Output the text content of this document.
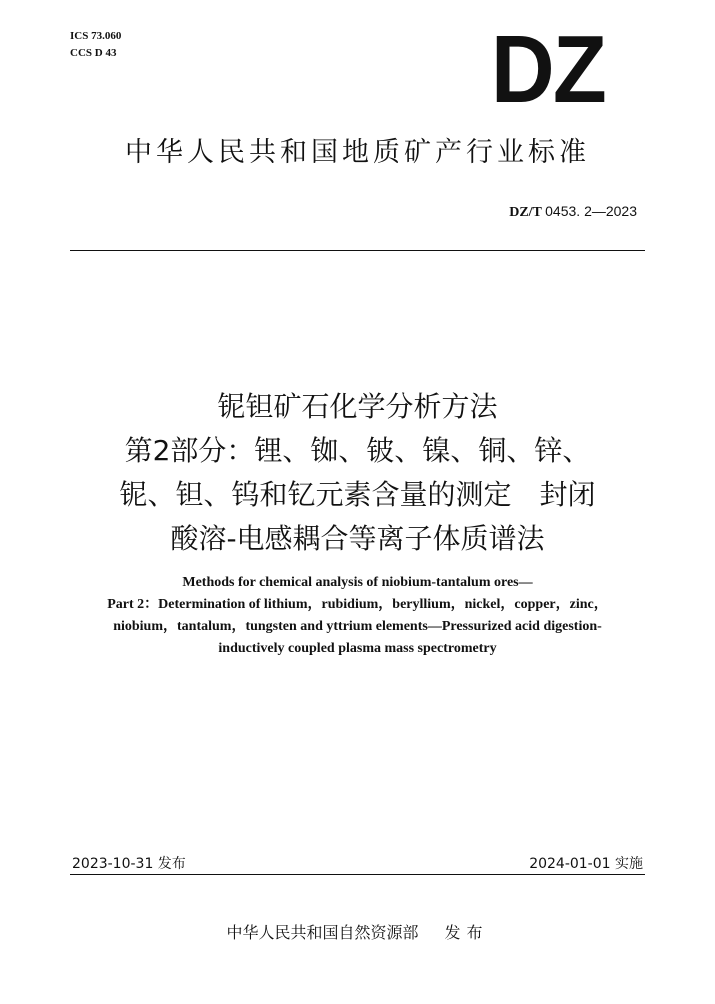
ICS 73.060
CCS D 43	DZ
中华人民共和国地质矿产行业标准
DZ/T 0453. 2—2023
铌钽矿石化学分析方法
第2部分：锂、铷、铍、镍、铜、锌、
铌、钽、钨和钇元素含量的测定　封闭
酸溶-电感耦合等离子体质谱法
Methods for chemical analysis of niobium-tantalum ores—
Part 2：Determination of lithium，rubidium，beryllium，nickel，copper，zinc，
niobium，tantalum，tungsten and yttrium elements—Pressurized acid digestion-
inductively coupled plasma mass spectrometry
2023-10-31 发布	2024-01-01 实施
中华人民共和国自然资源部 发布
